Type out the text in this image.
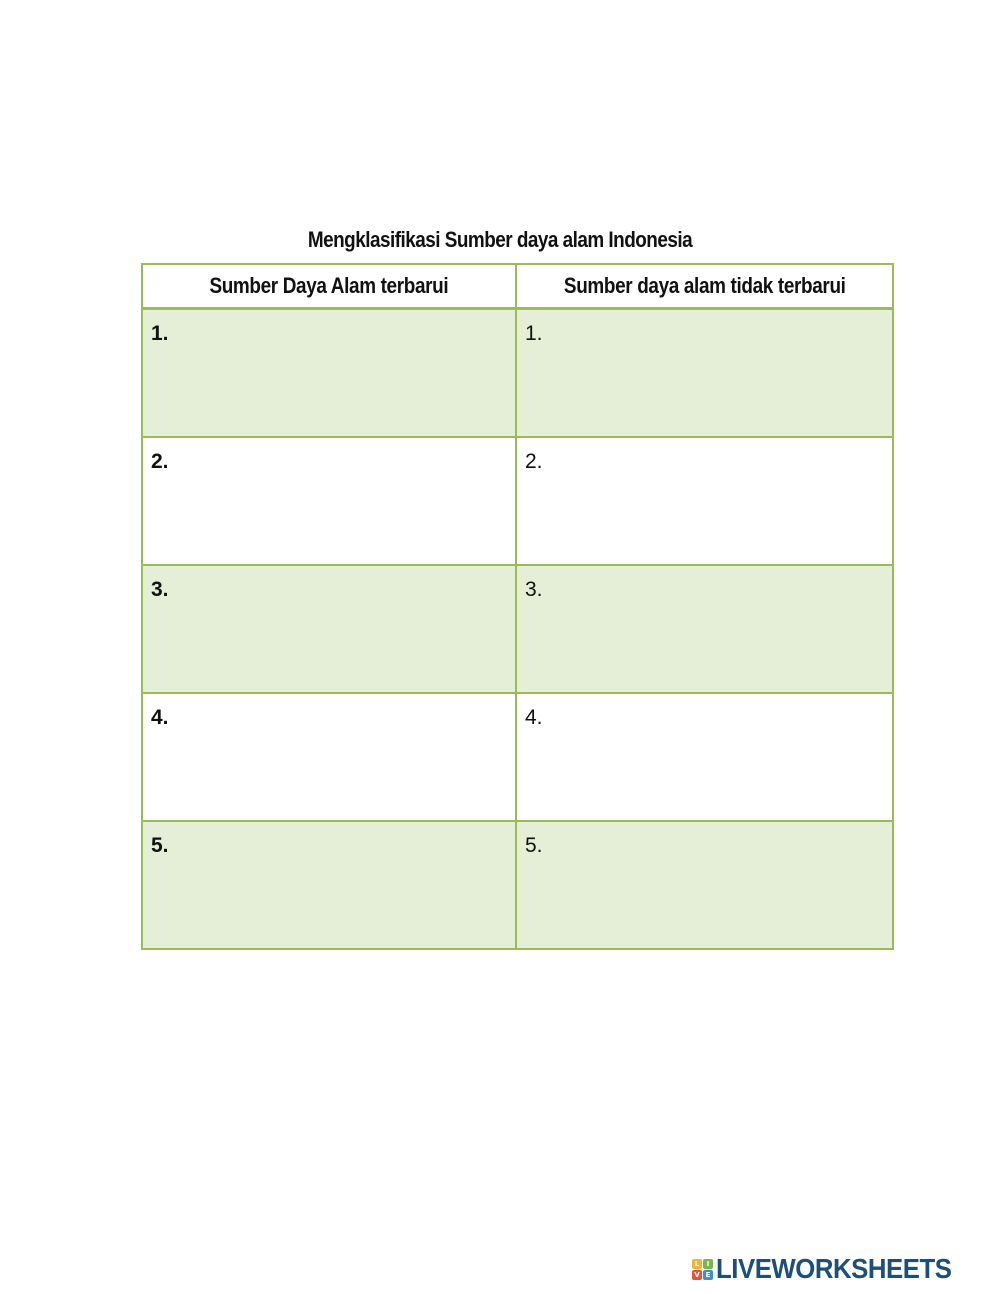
Mengklasifikasi Sumber daya alam Indonesia
Sumber Daya Alam terbarui	Sumber daya alam tidak terbarui
1.	1.
2.	2.
3.	3.
4.	4.
5.	5.
L	I
V E LIVEWORKSHEETS
